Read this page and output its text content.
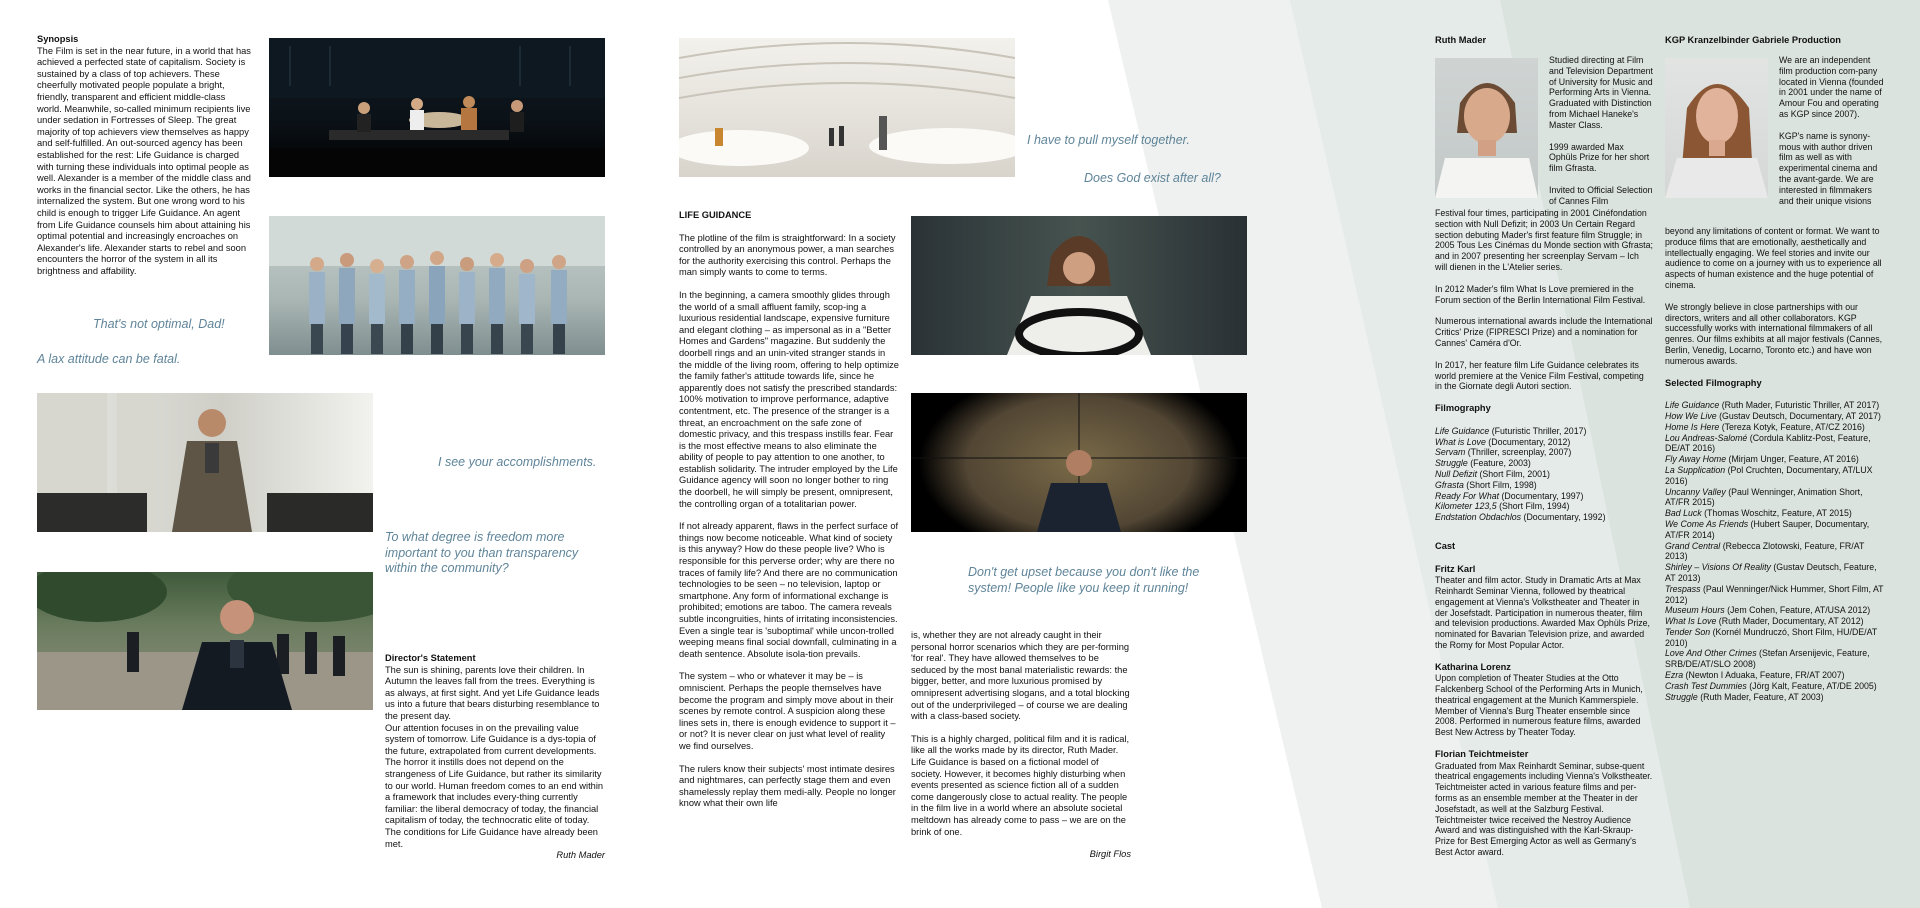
Synopsis
The Film is set in the near future, in a world that has achieved a perfected state of capitalism. Society is sustained by a class of top achievers. These cheerfully motivated people populate a bright, friendly, transparent and efficient middle-class world. Meanwhile, so-called minimum recipients live under sedation in Fortresses of Sleep. The great majority of top achievers view themselves as happy and self-fulfilled. An out-sourced agency has been established for the rest: Life Guidance is charged with turning these individuals into optimal people as well. Alexander is a member of the middle class and works in the financial sector. Like the others, he has internalized the system. But one wrong word to his child is enough to trigger Life Guidance. An agent from Life Guidance counsels him about attaining his optimal potential and increasingly encroaches on Alexander's life. Alexander starts to rebel and soon encounters the horror of the system in all its brightness and affability.
That's not optimal, Dad!
A lax attitude can be fatal.
I see your accomplishments.
To what degree is freedom more important to you than transparency within the community?
Director's Statement
The sun is shining, parents love their children. In Autumn the leaves fall from the trees. Everything is as always, at first sight. And yet Life Guidance leads us into a future that bears disturbing resemblance to the present day.
Our attention focuses in on the prevailing value system of tomorrow. Life Guidance is a dys-topia of the future, extrapolated from current developments.
The horror it instills does not depend on the strangeness of Life Guidance, but rather its similarity to our world. Human freedom comes to an end within a framework that includes every-thing currently familiar: the liberal democracy of today, the financial capitalism of today, the technocratic elite of today. The conditions for Life Guidance have already been met.
Ruth Mader
I have to pull myself together.
Does God exist after all?
LIFE GUIDANCE

The plotline of the film is straightforward: In a society controlled by an anonymous power, a man searches for the authority exercising this control. Perhaps the man simply wants to come to terms.

In the beginning, a camera smoothly glides through the world of a small affluent family, scop-ing a luxurious residential landscape, expensive furniture and elegant clothing – as impersonal as in a "Better Homes and Gardens" magazine. But suddenly the doorbell rings and an unin-vited stranger stands in the middle of the living room, offering to help optimize the family father's attitude towards life, since he apparently does not satisfy the prescribed standards: 100% motivation to improve performance, adaptive contentment, etc. The presence of the stranger is a threat, an encroachment on the safe zone of domestic privacy, and this trespass instills fear. Fear is the most effective means to also eliminate the ability of people to pay attention to one another, to establish solidarity. The intruder employed by the Life Guidance agency will soon no longer bother to ring the doorbell, he will simply be present, omnipresent, the controlling organ of a totalitarian power.

If not already apparent, flaws in the perfect surface of things now become noticeable. What kind of society is this anyway? How do these people live? Who is responsible for this perverse order; why are there no traces of family life? And there are no communication technologies to be seen – no television, laptop or smartphone. Any form of informational exchange is prohibited; emotions are taboo. The camera reveals subtle incongruities, hints of irritating inconsistencies. Even a single tear is 'suboptimal' while uncon-trolled weeping means final social downfall, culminating in a death sentence. Absolute isola-tion prevails.

The system – who or whatever it may be – is omniscient. Perhaps the people themselves have become the program and simply move about in their scenes by remote control. A suspicion along these lines sets in, there is enough evidence to support it – or not? It is never clear on just what level of reality we find ourselves.

The rulers know their subjects' most intimate desires and nightmares, can perfectly stage them and even shamelessly replay them medi-ally. People no longer know what their own life

Don't get upset because you don't like the system! People like you keep it running!

is, whether they are not already caught in their personal horror scenarios which they are per-forming 'for real'. They have allowed themselves to be seduced by the most banal materialistic rewards: the bigger, better, and more luxurious promised by omnipresent advertising slogans, and a total blocking out of the underprivileged – of course we are dealing with a class-based society.

This is a highly charged, political film and it is radical, like all the works made by its director, Ruth Mader. Life Guidance is based on a fictional model of society. However, it becomes highly disturbing when events presented as science fiction all of a sudden come dangerously close to actual reality. The people in the film live in a world where an absolute societal meltdown has already come to pass – we are on the brink of one.

Birgit Flos
Ruth Mader

Studied directing at Film and Television Department of University for Music and Performing Arts in Vienna. Graduated with Distinction from Michael Haneke's Master Class.

1999 awarded Max Ophüls Prize for her short film Gfrasta.

Invited to Official Selection of Cannes Film

Festival four times, participating in 2001 Cinéfondation section with Null Defizit; in 2003 Un Certain Regard section debuting Mader's first feature film Struggle; in 2005 Tous Les Cinémas du Monde section with Gfrasta; and in 2007 presenting her screenplay Servam – Ich will dienen in the L'Atelier series.

In 2012 Mader's film What Is Love premiered in the Forum section of the Berlin International Film Festival.

Numerous international awards include the International Critics' Prize (FIPRESCI Prize) and a nomination for Cannes' Caméra d'Or.

In 2017, her feature film Life Guidance celebrates its world premiere at the Venice Film Festival, competing in the Giornate degli Autori section.

Filmography

Life Guidance (Futuristic Thriller, 2017)
What is Love (Documentary, 2012)
Servam (Thriller, screenplay, 2007)
Struggle (Feature, 2003)
Null Defizit (Short Film, 2001)
Gfrasta (Short Film, 1998)
Ready For What (Documentary, 1997)
Kilometer 123,5 (Short Film, 1994)
Endstation Obdachlos (Documentary, 1992)

Cast

Fritz Karl

Theater and film actor. Study in Dramatic Arts at Max Reinhardt Seminar Vienna, followed by theatrical engagement at Vienna's Volkstheater and Theater in der Josefstadt. Participation in numerous theater, film and television productions. Awarded Max Ophüls Prize, nominated for Bavarian Television prize, and awarded the Romy for Most Popular Actor.

Katharina Lorenz

Upon completion of Theater Studies at the Otto Falckenberg School of the Performing Arts in Munich, theatrical engagement at the Munich Kammerspiele. Member of Vienna's Burg Theater ensemble since 2008. Performed in numerous feature films, awarded Best New Actress by Theater Today.

Florian Teichtmeister
Graduated from Max Reinhardt Seminar, subse-quent theatrical engagements including Vienna's Volkstheater. Teichtmeister acted in various feature films and per-forms as an ensemble member at the Theater in der Josefstadt, as well at the Salzburg Festival. Teichtmeister twice received the Nestroy Audience Award and was distinguished with the Karl-Skraup-Prize for Best Emerging Actor as well as Germany's Best Actor award.
KGP Kranzelbinder Gabriele Production

We are an independent film production com-pany located in Vienna (founded in 2001 under the name of Amour Fou and operating as KGP since 2007).

KGP's name is synony-mous with author driven film as well as with experimental cinema and the avant-garde. We are interested in filmmakers and their unique visions

beyond any limitations of content or format. We want to produce films that are emotionally, aesthetically and intellectually engaging. We feel stories and invite our audience to come on a journey with us to experience all aspects of human existence and the huge potential of cinema.

We strongly believe in close partnerships with our directors, writers and all other collaborators. KGP successfully works with international filmmakers of all genres. Our films exhibits at all major festivals (Cannes, Berlin, Venedig, Locarno, Toronto etc.) and have won numerous awards.

Selected Filmography

Life Guidance (Ruth Mader, Futuristic Thriller, AT 2017)
How We Live (Gustav Deutsch, Documentary, AT 2017)
Home Is Here (Tereza Kotyk, Feature, AT/CZ 2016)
Lou Andreas-Salomé (Cordula Kablitz-Post, Feature, DE/AT 2016)
Fly Away Home (Mirjam Unger, Feature, AT 2016)
La Supplication (Pol Cruchten, Documentary, AT/LUX 2016)
Uncanny Valley (Paul Wenninger, Animation Short, AT/FR 2015)
Bad Luck (Thomas Woschitz, Feature, AT 2015)
We Come As Friends (Hubert Sauper, Documentary, AT/FR 2014)
Grand Central (Rebecca Zlotowski, Feature, FR/AT 2013)
Shirley – Visions Of Reality (Gustav Deutsch, Feature, AT 2013)
Trespass (Paul Wenninger/Nick Hummer, Short Film, AT 2012)
Museum Hours (Jem Cohen, Feature, AT/USA 2012)
What Is Love (Ruth Mader, Documentary, AT 2012)
Tender Son (Kornél Mundruczó, Short Film, HU/DE/AT 2010)
Love And Other Crimes (Stefan Arsenijevic, Feature, SRB/DE/AT/SLO 2008)
Ezra (Newton I Aduaka, Feature, FR/AT 2007)
Crash Test Dummies (Jörg Kalt, Feature, AT/DE 2005)
Struggle (Ruth Mader, Feature, AT 2003)
